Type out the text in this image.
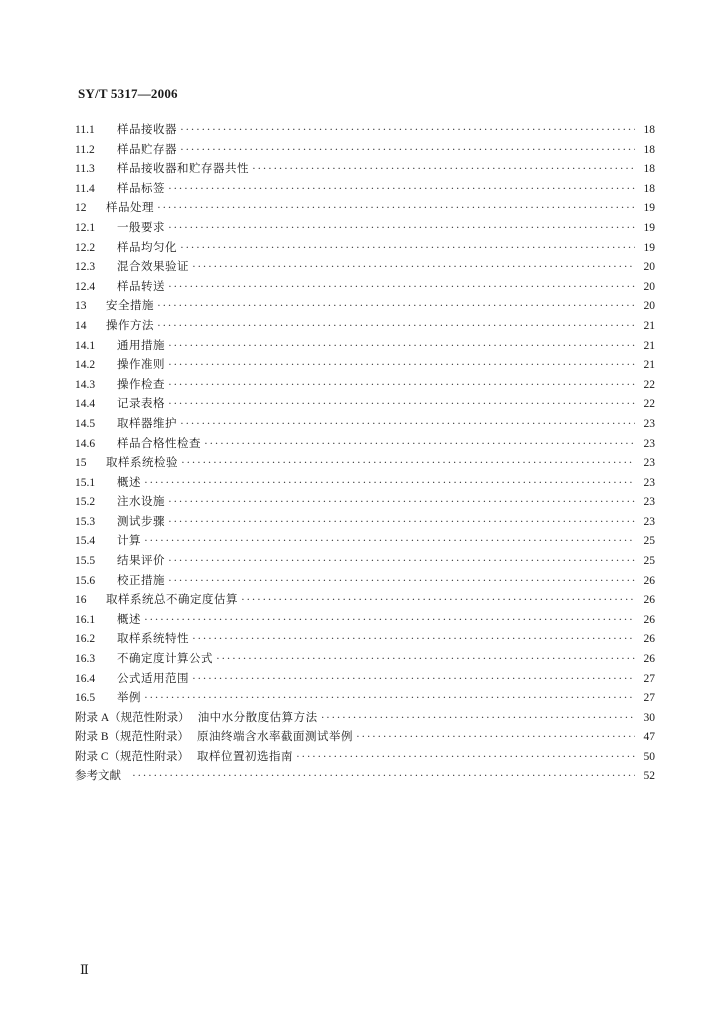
SY/T 5317—2006
11.1	样品接收器 ·····	18
11.2	样品贮存器 ·····	18
11.3	样品接收器和贮存器共性 ·····	18
11.4	样品标签 ·····	18
12	样品处理 ·····	19
12.1	一般要求 ·····	19
12.2	样品均匀化 ·····	19
12.3	混合效果验证 ·····	20
12.4	样品转送 ·····	20
13	安全措施 ·····	20
14	操作方法 ·····	21
14.1	通用措施 ·····	21
14.2	操作准则 ·····	21
14.3	操作检查 ·····	22
14.4	记录表格 ·····	22
14.5	取样器维护 ·····	23
14.6	样品合格性检查 ·····	23
15	取样系统检验 ·····	23
15.1	概述 ·····	23
15.2	注水设施 ·····	23
15.3	测试步骤 ·····	23
15.4	计算 ·····	25
15.5	结果评价 ·····	25
15.6	校正措施 ·····	26
16	取样系统总不确定度估算 ·····	26
16.1	概述 ·····	26
16.2	取样系统特性 ·····	26
16.3	不确定度计算公式 ·····	26
16.4	公式适用范围 ·····	27
16.5	举例 ·····	27
附录 A（规范性附录） 油中水分散度估算方法 ·····	30
附录 B（规范性附录） 原油终端含水率截面测试举例 ·····	47
附录 C（规范性附录） 取样位置初选指南 ·····	50
参考文献 ·····	52
Ⅱ
